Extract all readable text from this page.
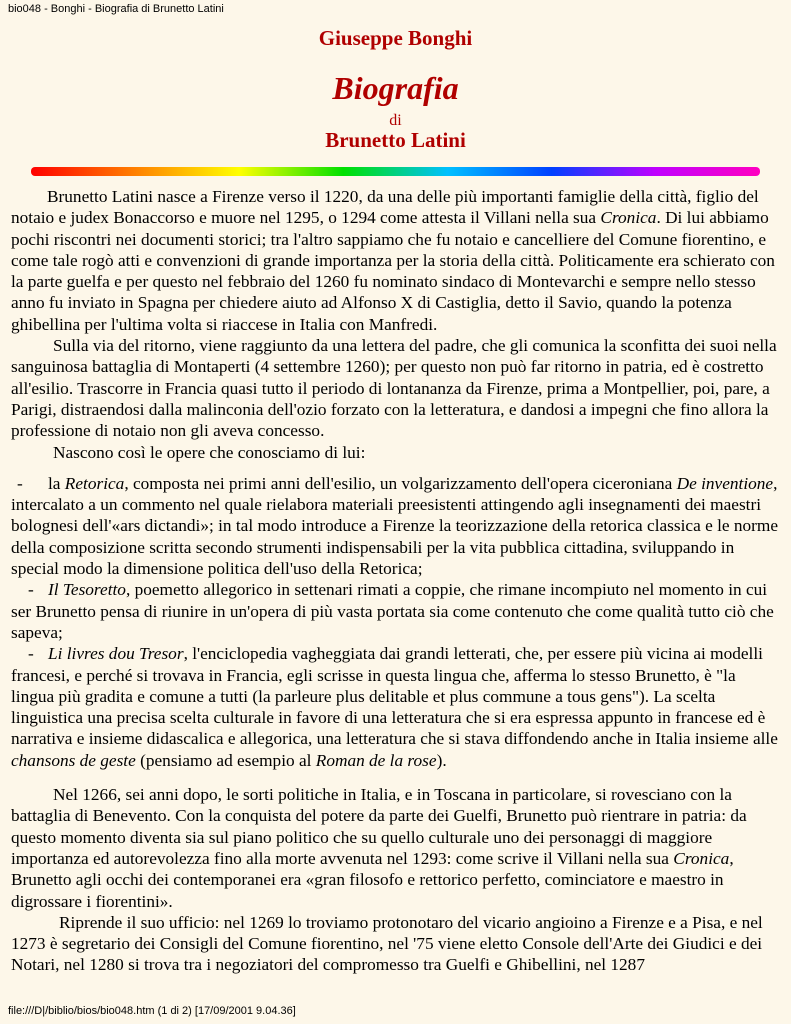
bio048 - Bonghi - Biografia di Brunetto Latini
Giuseppe Bonghi
Biografia
di
Brunetto Latini

Brunetto Latini nasce a Firenze verso il 1220, da una delle più importanti famiglie della città, figlio del notaio e judex Bonaccorso e muore nel 1295, o 1294 come attesta il Villani nella sua Cronica. Di lui abbiamo pochi riscontri nei documenti storici; tra l'altro sappiamo che fu notaio e cancelliere del Comune fiorentino, e come tale rogò atti e convenzioni di grande importanza per la storia della città. Politicamente era schierato con la parte guelfa e per questo nel febbraio del 1260 fu nominato sindaco di Montevarchi e sempre nello stesso anno fu inviato in Spagna per chiedere aiuto ad Alfonso X di Castiglia, detto il Savio, quando la potenza ghibellina per l'ultima volta si riaccese in Italia con Manfredi.

Sulla via del ritorno, viene raggiunto da una lettera del padre, che gli comunica la sconfitta dei suoi nella sanguinosa battaglia di Montaperti (4 settembre 1260); per questo non può far ritorno in patria, ed è costretto all'esilio. Trascorre in Francia quasi tutto il periodo di lontananza da Firenze, prima a Montpellier, poi, pare, a Parigi, distraendosi dalla malinconia dell'ozio forzato con la letteratura, e dandosi a impegni che fino allora la professione di notaio non gli aveva concesso.

Nascono così le opere che conosciamo di lui:

- la Retorica, composta nei primi anni dell'esilio, un volgarizzamento dell'opera ciceroniana De inventione, intercalato a un commento nel quale rielabora materiali preesistenti attingendo agli insegnamenti dei maestri bolognesi dell'«ars dictandi»; in tal modo introduce a Firenze la teorizzazione della retorica classica e le norme della composizione scritta secondo strumenti indispensabili per la vita pubblica cittadina, sviluppando in special modo la dimensione politica dell'uso della Retorica;

- Il Tesoretto, poemetto allegorico in settenari rimati a coppie, che rimane incompiuto nel momento in cui ser Brunetto pensa di riunire in un'opera di più vasta portata sia come contenuto che come qualità tutto ciò che sapeva;

- Li livres dou Tresor, l'enciclopedia vagheggiata dai grandi letterati, che, per essere più vicina ai modelli francesi, e perché si trovava in Francia, egli scrisse in questa lingua che, afferma lo stesso Brunetto, è "la lingua più gradita e comune a tutti (la parleure plus delitable et plus commune a tous gens"). La scelta linguistica una precisa scelta culturale in favore di una letteratura che si era espressa appunto in francese ed è narrativa e insieme didascalica e allegorica, una letteratura che si stava diffondendo anche in Italia insieme alle chansons de geste (pensiamo ad esempio al Roman de la rose).

Nel 1266, sei anni dopo, le sorti politiche in Italia, e in Toscana in particolare, si rovesciano con la battaglia di Benevento. Con la conquista del potere da parte dei Guelfi, Brunetto può rientrare in patria: da questo momento diventa sia sul piano politico che su quello culturale uno dei personaggi di maggiore importanza ed autorevolezza fino alla morte avvenuta nel 1293: come scrive il Villani nella sua Cronica, Brunetto agli occhi dei contemporanei era «gran filosofo e rettorico perfetto, cominciatore e maestro in digrossare i fiorentini».

Riprende il suo ufficio: nel 1269 lo troviamo protonotaro del vicario angioino a Firenze e a Pisa, e nel 1273 è segretario dei Consigli del Comune fiorentino, nel '75 viene eletto Console dell'Arte dei Giudici e dei Notari, nel 1280 si trova tra i negoziatori del compromesso tra Guelfi e Ghibellini, nel 1287

file:///D|/biblio/bios/bio048.htm (1 di 2) [17/09/2001 9.04.36]
